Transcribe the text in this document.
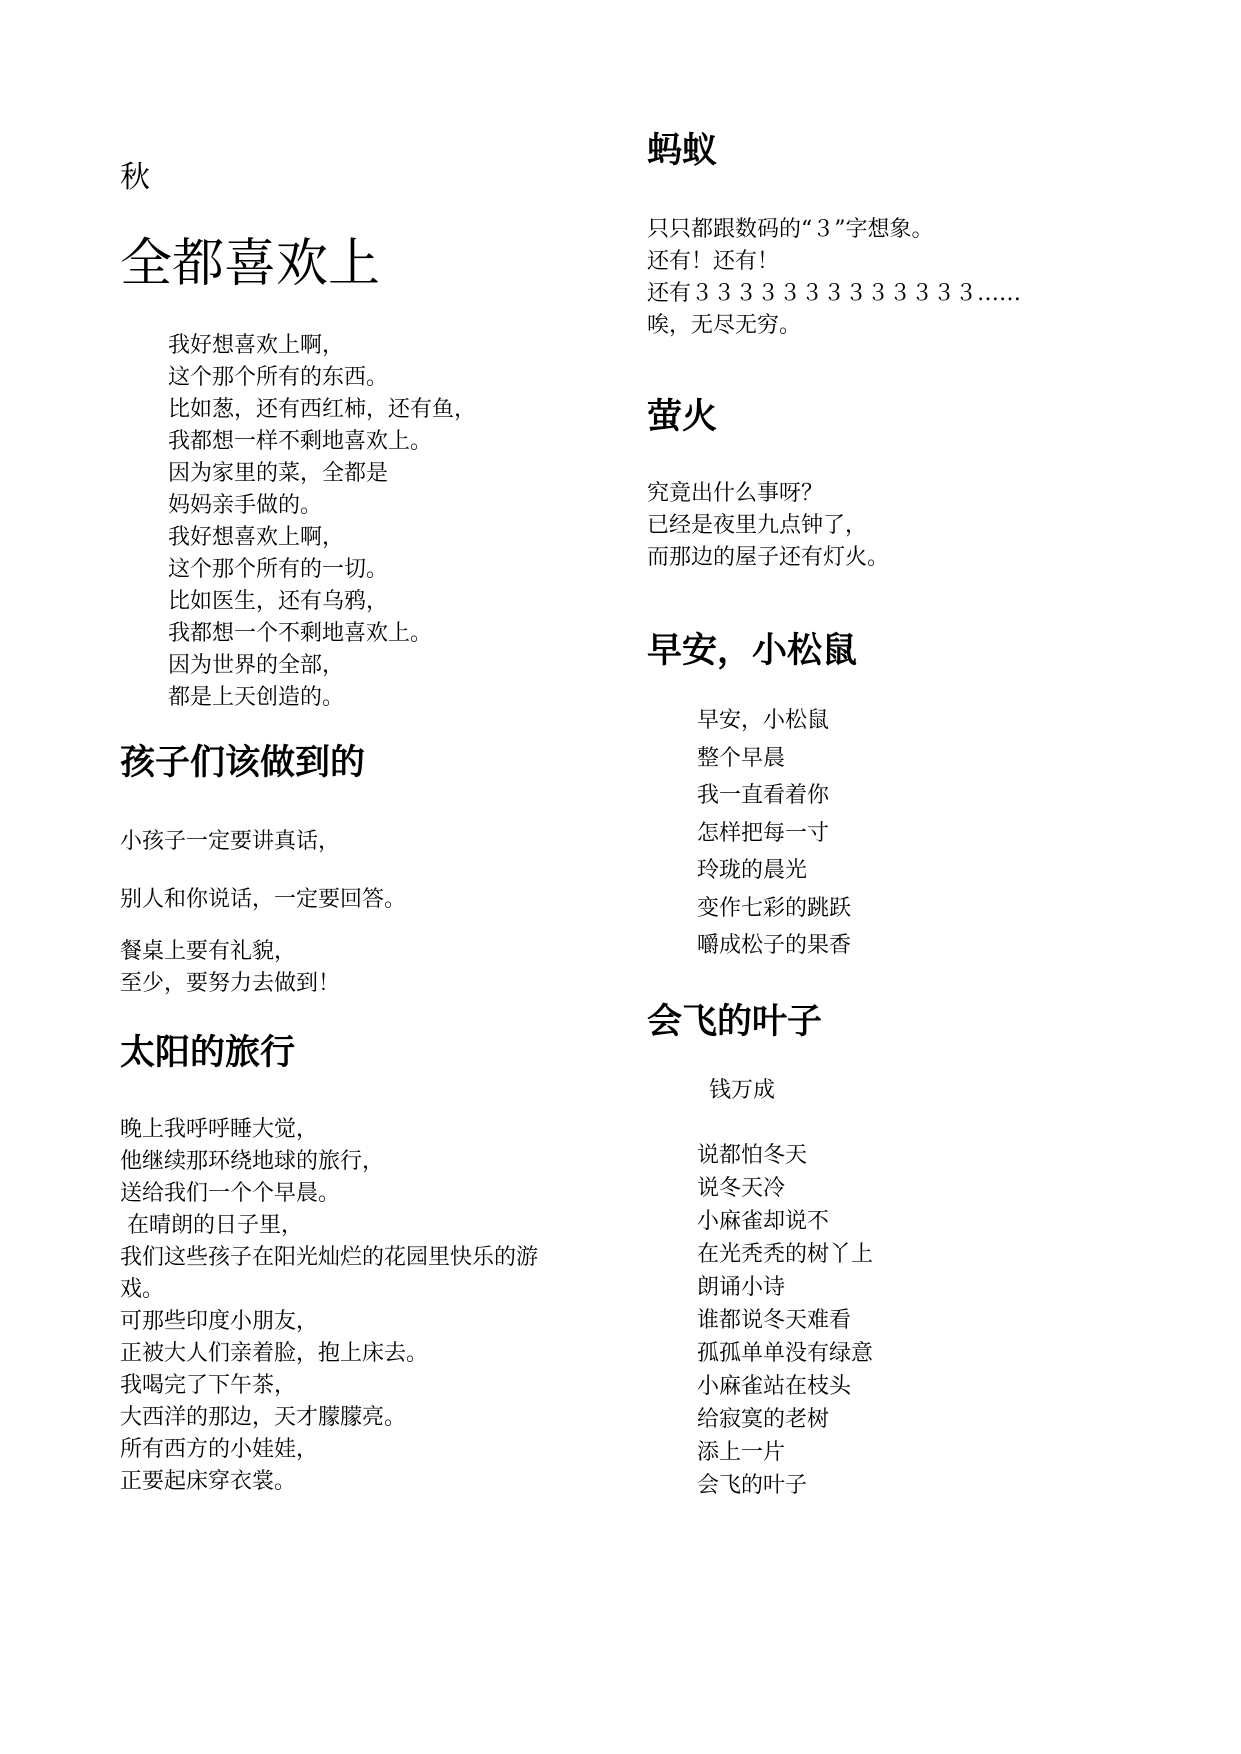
秋
全都喜欢上
我好想喜欢上啊，
这个那个所有的东西。
比如葱，还有西红柿，还有鱼，
我都想一样不剩地喜欢上。
因为家里的菜，全都是
妈妈亲手做的。
我好想喜欢上啊，
这个那个所有的一切。
比如医生，还有乌鸦，
我都想一个不剩地喜欢上。
因为世界的全部，
都是上天创造的。
孩子们该做到的
小孩子一定要讲真话，
别人和你说话，一定要回答。
餐桌上要有礼貌，
至少，要努力去做到！
太阳的旅行
晚上我呼呼睡大觉，
他继续那环绕地球的旅行，
送给我们一个个早晨。
在晴朗的日子里，
我们这些孩子在阳光灿烂的花园里快乐的游
戏。
可那些印度小朋友，
正被大人们亲着脸，抱上床去。
我喝完了下午茶，
大西洋的那边，天才朦朦亮。
所有西方的小娃娃，
正要起床穿衣裳。
蚂蚁
只只都跟数码的“３”字想象。
还有！还有！
还有３３３３３３３３３３３３３……
唉，无尽无穷。
萤火
究竟出什么事呀？
已经是夜里九点钟了，
而那边的屋子还有灯火。
早安，小松鼠
早安，小松鼠
整个早晨
我一直看着你
怎样把每一寸
玲珑的晨光
变作七彩的跳跃
嚼成松子的果香
会飞的叶子
钱万成
说都怕冬天
说冬天冷
小麻雀却说不
在光秃秃的树丫上
朗诵小诗
谁都说冬天难看
孤孤单单没有绿意
小麻雀站在枝头
给寂寞的老树
添上一片
会飞的叶子
